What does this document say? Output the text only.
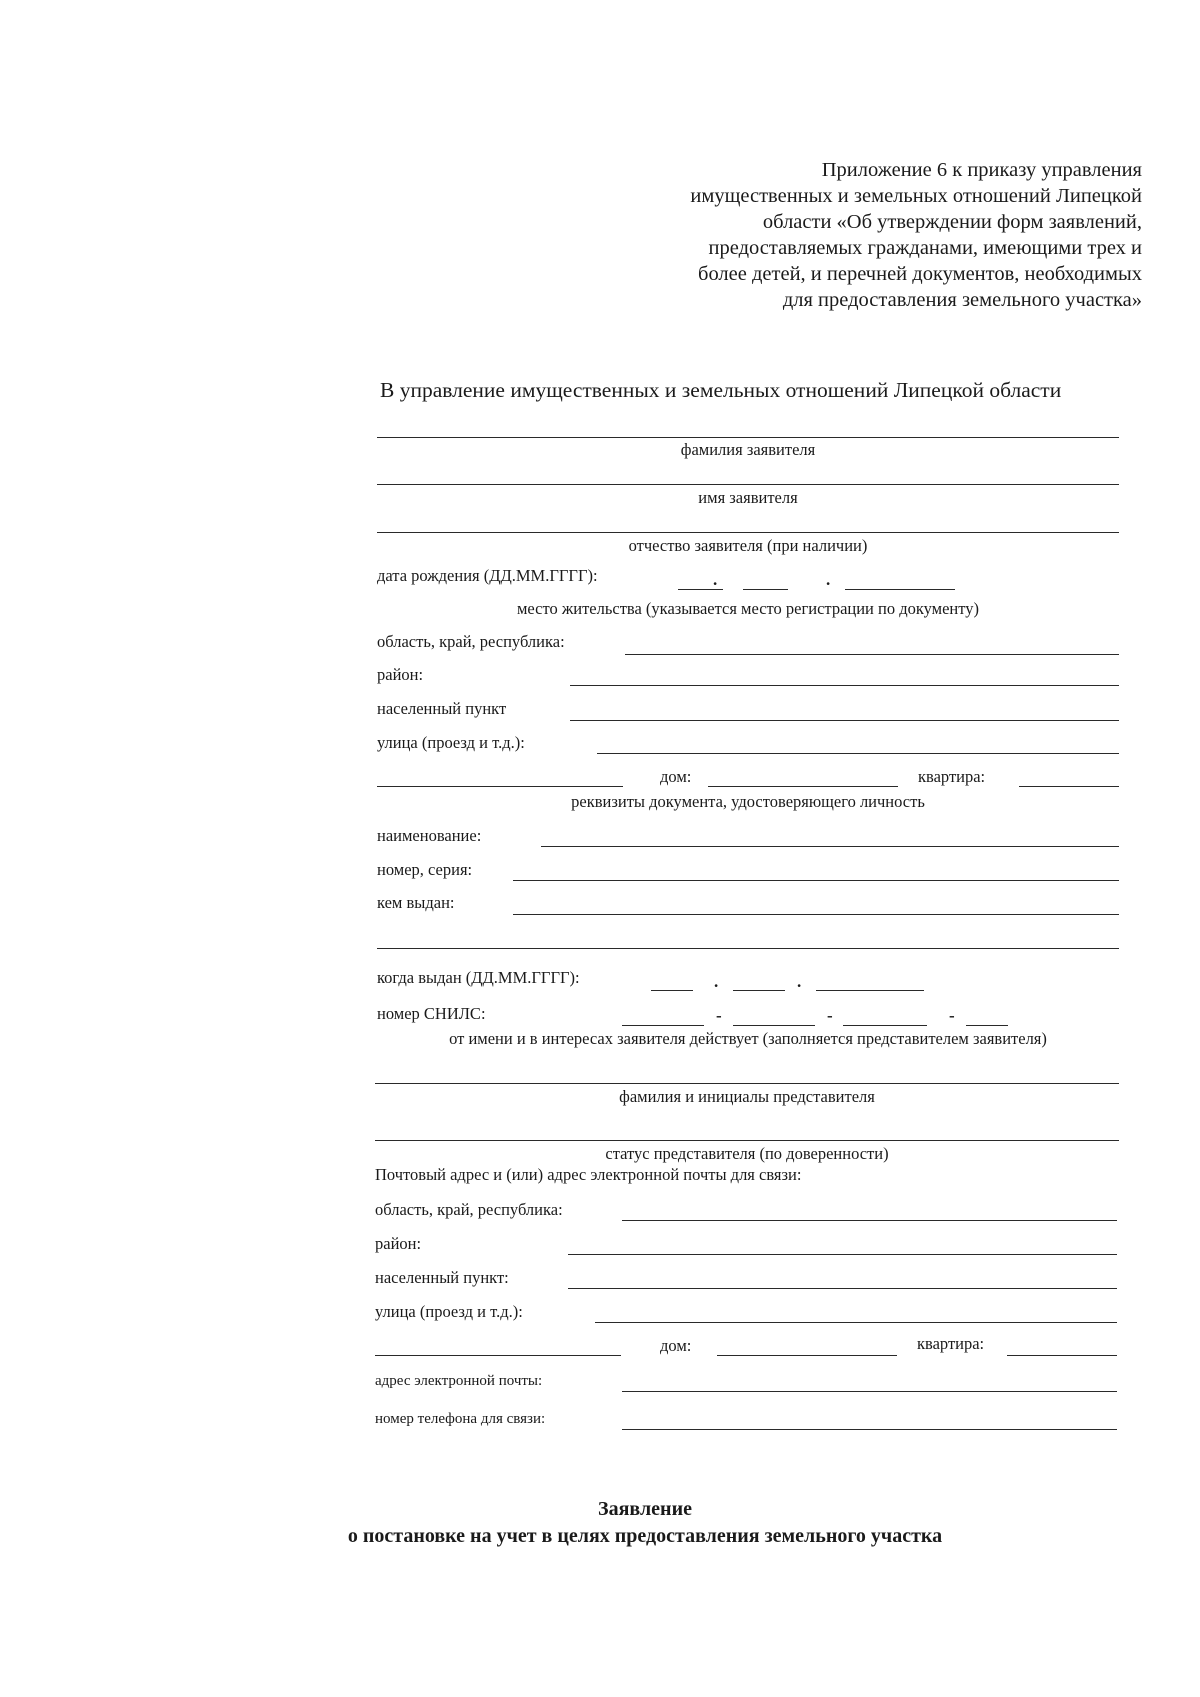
Приложение 6 к приказу управления
имущественных и земельных отношений Липецкой
области «Об утверждении форм заявлений,
предоставляемых гражданами, имеющими трех и
более детей, и перечней документов, необходимых
для предоставления земельного участка»
В управление имущественных и земельных отношений Липецкой области
фамилия заявителя
имя заявителя
отчество заявителя (при наличии)
дата рождения (ДД.ММ.ГГГГ):	.	.
место жительства (указывается место регистрации по документу)
область, край, республика:
район:
населенный пункт
улица (проезд и т.д.):
дом:	квартира:
реквизиты документа, удостоверяющего личность
наименование:
номер, серия:
кем выдан:
когда выдан (ДД.ММ.ГГГГ):	.	.
номер СНИЛС:	-	-	-
от имени и в интересах заявителя действует (заполняется представителем заявителя)
фамилия и инициалы представителя
статус представителя (по доверенности)
Почтовый адрес и (или) адрес электронной почты для связи:
область, край, республика:
район:
населенный пункт:
улица (проезд и т.д.):
дом:	квартира:
адрес электронной почты:
номер телефона для связи:
Заявление
о постановке на учет в целях предоставления земельного участка
